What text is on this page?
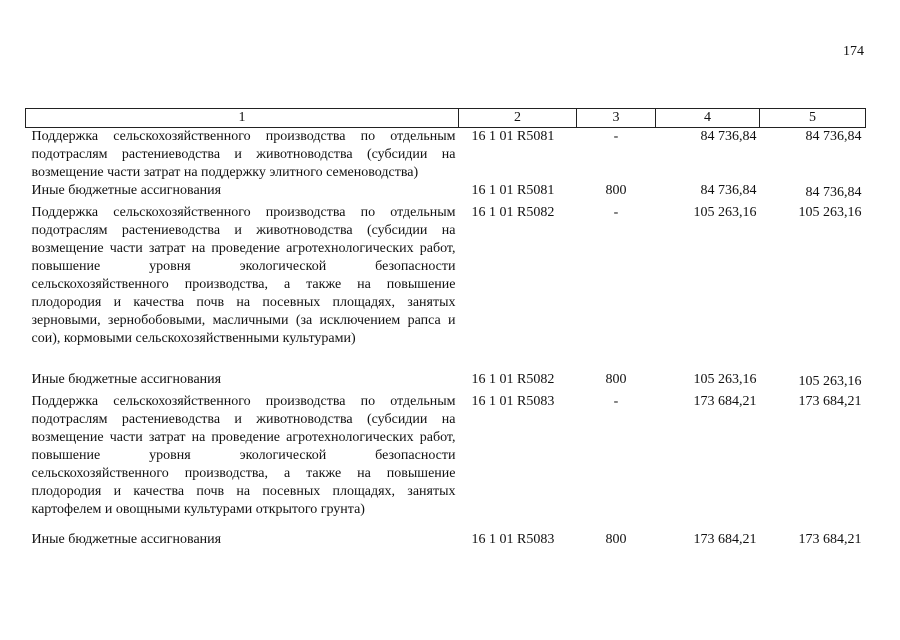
174
1	2	3	4	5

Поддержка сельскохозяйственного производства по отдельным подотраслям растениеводства и животноводства (субсидии на возмещение части затрат на поддержку элитного семеноводства)	16 1 01 R5081	-	84 736,84	84 736,84

Иные бюджетные ассигнования	16 1 01 R5081	800	84 736,84	84 736,84

Поддержка сельскохозяйственного производства по отдельным подотраслям растениеводства и животноводства (субсидии на возмещение части затрат на проведение агротехнологических работ, повышение уровня экологической безопасности сельскохозяйственного производства, а также на повышение плодородия и качества почв на посевных площадях, занятых зерновыми, зернобобовыми, масличными (за исключением рапса и сои), кормовыми сельскохозяйственными культурами)	16 1 01 R5082	-	105 263,16	105 263,16

Иные бюджетные ассигнования	16 1 01 R5082	800	105 263,16	105 263,16

Поддержка сельскохозяйственного производства по отдельным подотраслям растениеводства и животноводства (субсидии на возмещение части затрат на проведение агротехнологических работ, повышение уровня экологической безопасности сельскохозяйственного производства, а также на повышение плодородия и качества почв на посевных площадях, занятых картофелем и овощными культурами открытого грунта)	16 1 01 R5083	-	173 684,21	173 684,21

Иные бюджетные ассигнования	16 1 01 R5083	800	173 684,21	173 684,21
